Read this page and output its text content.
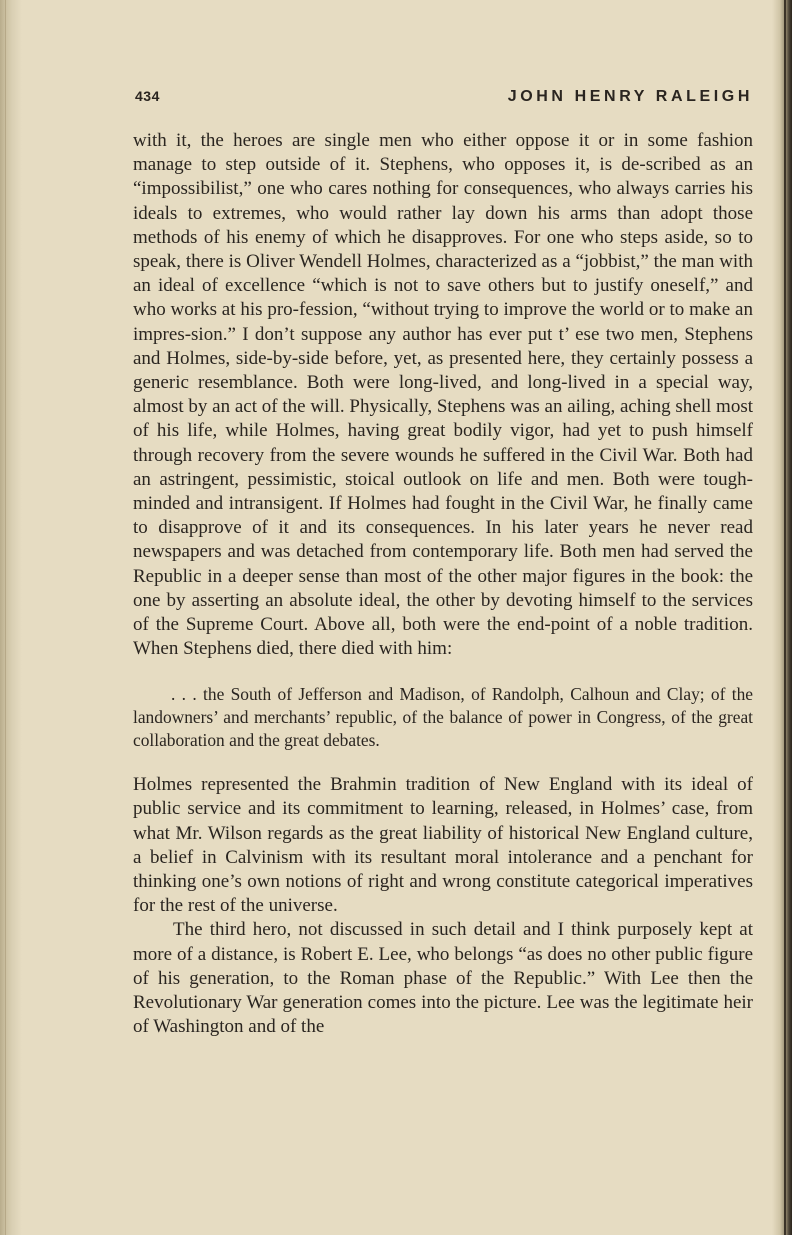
434	JOHN HENRY RALEIGH

with it, the heroes are single men who either oppose it or in some fashion manage to step outside of it. Stephens, who opposes it, is de-scribed as an “impossibilist,” one who cares nothing for consequences, who always carries his ideals to extremes, who would rather lay down his arms than adopt those methods of his enemy of which he disapproves. For one who steps aside, so to speak, there is Oliver Wendell Holmes, characterized as a “jobbist,” the man with an ideal of excellence “which is not to save others but to justify oneself,” and who works at his pro-fession, “without trying to improve the world or to make an impres-sion.” I don’t suppose any author has ever put t’ ese two men, Stephens and Holmes, side-by-side before, yet, as presented here, they certainly possess a generic resemblance. Both were long-lived, and long-lived in a special way, almost by an act of the will. Physically, Stephens was an ailing, aching shell most of his life, while Holmes, having great bodily vigor, had yet to push himself through recovery from the severe wounds he suffered in the Civil War. Both had an astringent, pessimistic, stoical outlook on life and men. Both were tough-minded and intransigent. If Holmes had fought in the Civil War, he finally came to disapprove of it and its consequences. In his later years he never read newspapers and was detached from contemporary life. Both men had served the Republic in a deeper sense than most of the other major figures in the book: the one by asserting an absolute ideal, the other by devoting himself to the services of the Supreme Court. Above all, both were the end-point of a noble tradition. When Stephens died, there died with him:

. . . the South of Jefferson and Madison, of Randolph, Calhoun and Clay; of the landowners’ and merchants’ republic, of the balance of power in Congress, of the great collaboration and the great debates.

Holmes represented the Brahmin tradition of New England with its ideal of public service and its commitment to learning, released, in Holmes’ case, from what Mr. Wilson regards as the great liability of historical New England culture, a belief in Calvinism with its resultant moral intolerance and a penchant for thinking one’s own notions of right and wrong constitute categorical imperatives for the rest of the universe.

The third hero, not discussed in such detail and I think purposely kept at more of a distance, is Robert E. Lee, who belongs “as does no other public figure of his generation, to the Roman phase of the Republic.” With Lee then the Revolutionary War generation comes into the picture. Lee was the legitimate heir of Washington and of the
